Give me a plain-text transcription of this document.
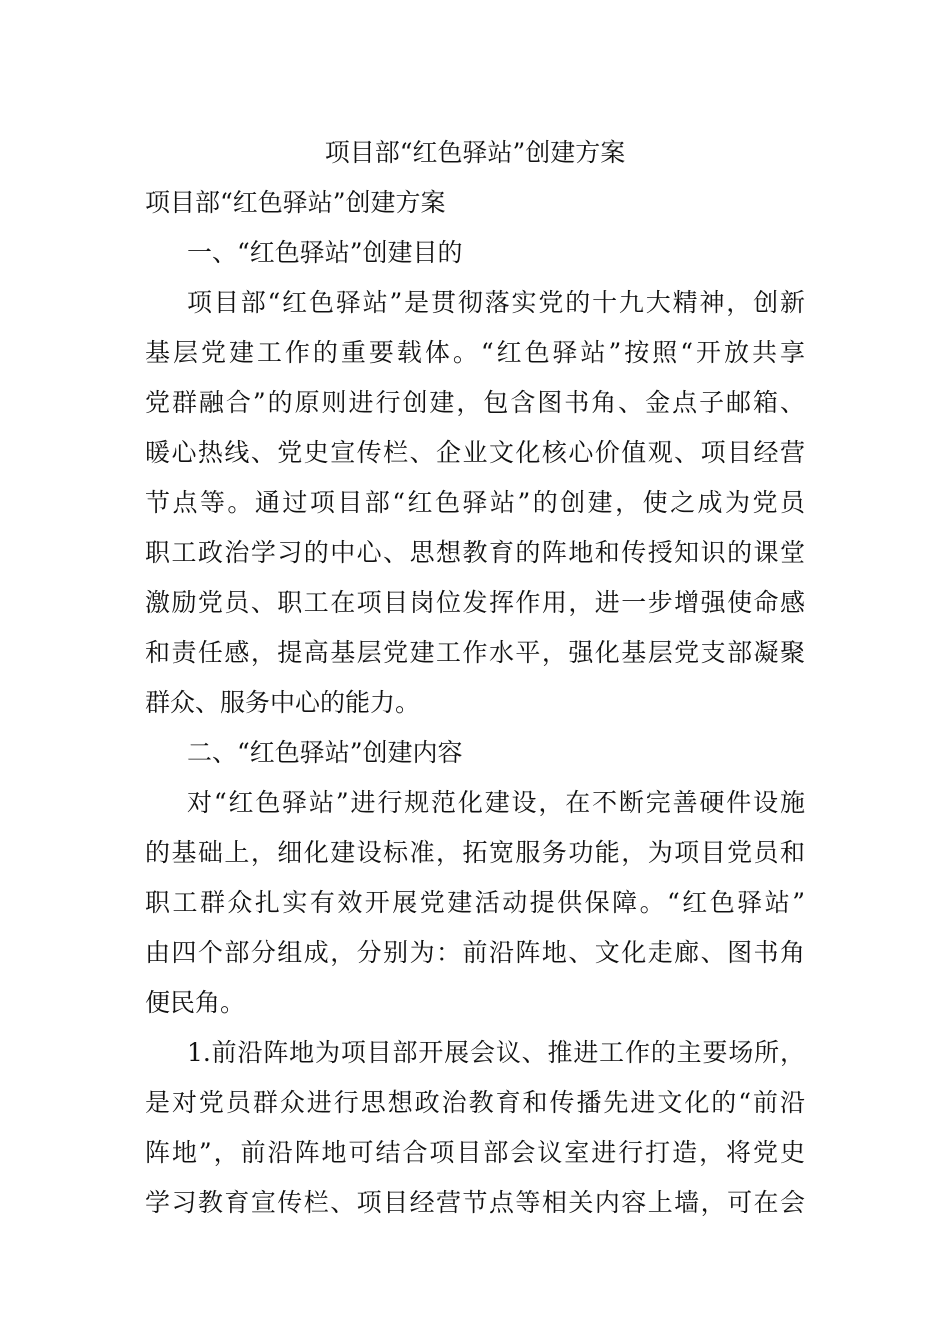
项目部“红色驿站”创建方案

项目部“红色驿站”创建方案

一、“红色驿站”创建目的

项目部“红色驿站”是贯彻落实党的十九大精神，创新

基层党建工作的重要载体。“红色驿站”按照“开放共享

党群融合”的原则进行创建，包含图书角、金点子邮箱、

暖心热线、党史宣传栏、企业文化核心价值观、项目经营

节点等。通过项目部“红色驿站”的创建，使之成为党员

职工政治学习的中心、思想教育的阵地和传授知识的课堂

激励党员、职工在项目岗位发挥作用，进一步增强使命感

和责任感，提高基层党建工作水平，强化基层党支部凝聚

群众、服务中心的能力。

二、“红色驿站”创建内容

对“红色驿站”进行规范化建设，在不断完善硬件设施

的基础上，细化建设标准，拓宽服务功能，为项目党员和

职工群众扎实有效开展党建活动提供保障。“红色驿站”

由四个部分组成，分别为：前沿阵地、文化走廊、图书角

便民角。

1.前沿阵地为项目部开展会议、推进工作的主要场所，

是对党员群众进行思想政治教育和传播先进文化的“前沿

阵地”，前沿阵地可结合项目部会议室进行打造，将党史

学习教育宣传栏、项目经营节点等相关内容上墙，可在会
